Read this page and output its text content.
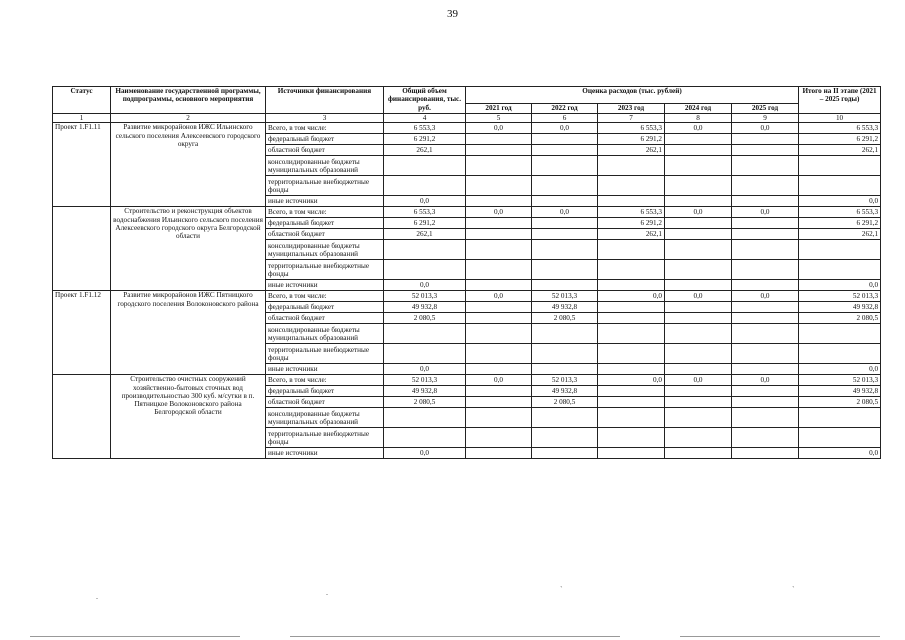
39
Статус	Наименование государственной программы, подпрограммы, основного мероприятия	Источники финансирования	Общий объем финансирования, тыс. руб.	Оценка расходов (тыс. рублей)					Итого на II этапе (2021 – 2025 годы)
				2021 год	2022 год	2023 год	2024 год	2025 год	
1	2	3	4	5	6	7	8	9	10
Проект 1.F1.11	Развитие микрорайонов ИЖС Ильинского сельского поселения Алексеевского городского округа	Всего, в том числе:	6 553,3	0,0	0,0	6 553,3	0,0	0,0	6 553,3
		федеральный бюджет	6 291,2			6 291,2			6 291,2
		областной бюджет	262,1			262,1			262,1
		консолидированные бюджеты муниципальных образований							
		территориальные внебюджетные фонды							
		иные источники	0,0						0,0
	Строительство и реконструкция объектов водоснабжения Ильинского сельского поселения Алексеевского городского округа Белгородской области	Всего, в том числе:	6 553,3	0,0	0,0	6 553,3	0,0	0,0	6 553,3
		федеральный бюджет	6 291,2			6 291,2			6 291,2
		областной бюджет	262,1			262,1			262,1
		консолидированные бюджеты муниципальных образований							
		территориальные внебюджетные фонды							
		иные источники	0,0						0,0
Проект 1.F1.12	Развитие микрорайонов ИЖС Пятницкого городского поселения Волоконовского района	Всего, в том числе:	52 013,3	0,0	52 013,3	0,0	0,0	0,0	52 013,3
		федеральный бюджет	49 932,8		49 932,8				49 932,8
		областной бюджет	2 080,5		2 080,5				2 080,5
		консолидированные бюджеты муниципальных образований							
		территориальные внебюджетные фонды							
		иные источники	0,0						0,0
	Строительство очистных сооружений хозяйственно-бытовых сточных вод производительностью 300 куб. м/сутки в п. Пятницкое Волоконовского района Белгородской области	Всего, в том числе:	52 013,3	0,0	52 013,3	0,0	0,0	0,0	52 013,3
		федеральный бюджет	49 932,8		49 932,8				49 932,8
		областной бюджет	2 080,5		2 080,5				2 080,5
		консолидированные бюджеты муниципальных образований							
		территориальные внебюджетные фонды							
		иные источники	0,0						0,0
.	.	`	`
